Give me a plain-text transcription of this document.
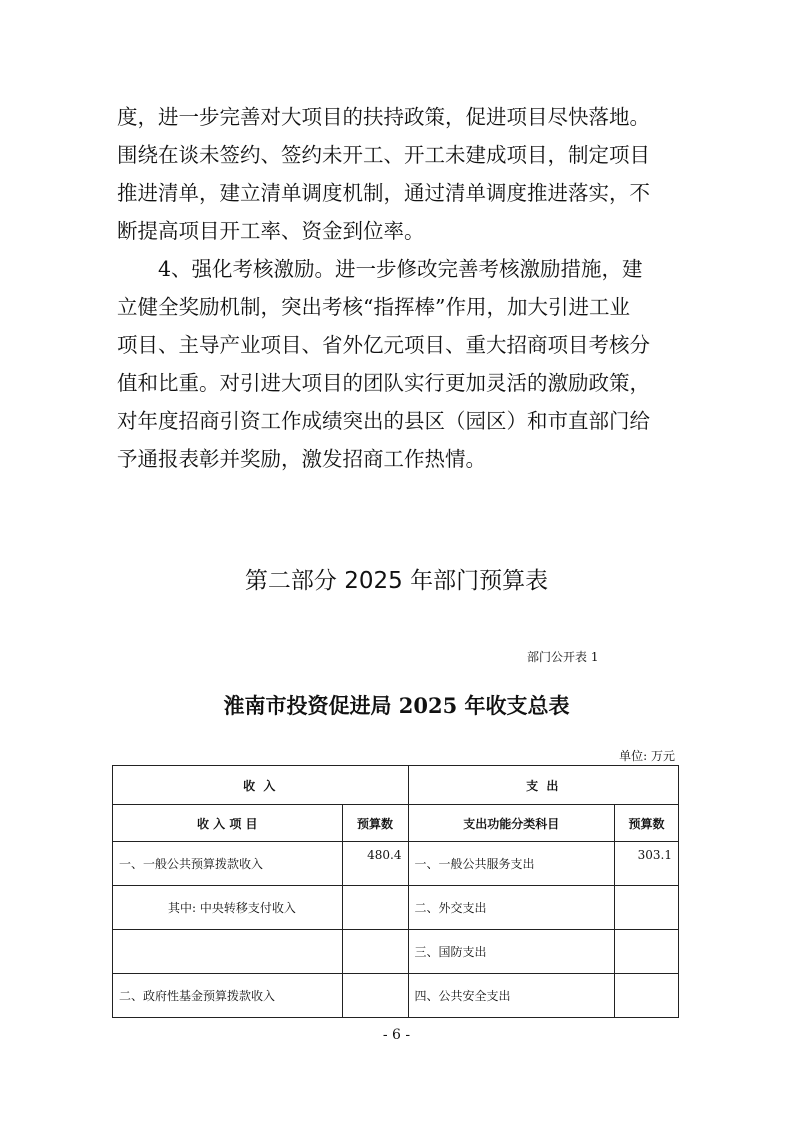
度，进一步完善对大项目的扶持政策，促进项目尽快落地。
围绕在谈未签约、签约未开工、开工未建成项目，制定项目
推进清单，建立清单调度机制，通过清单调度推进落实，不
断提高项目开工率、资金到位率。
4、强化考核激励。进一步修改完善考核激励措施，建
立健全奖励机制，突出考核“指挥棒”作用，加大引进工业
项目、主导产业项目、省外亿元项目、重大招商项目考核分
值和比重。对引进大项目的团队实行更加灵活的激励政策，
对年度招商引资工作成绩突出的县区（园区）和市直部门给
予通报表彰并奖励，激发招商工作热情。
第二部分 2025 年部门预算表
部门公开表 1
淮南市投资促进局 2025 年收支总表
单位: 万元
收 入		支 出	
收 入 项 目	预算数	支出功能分类科目	预算数
一、一般公共预算拨款收入	480.4	一、一般公共服务支出	303.1
其中: 中央转移支付收入		二、外交支出	
		三、国防支出	
二、政府性基金预算拨款收入		四、公共安全支出	
- 6 -
